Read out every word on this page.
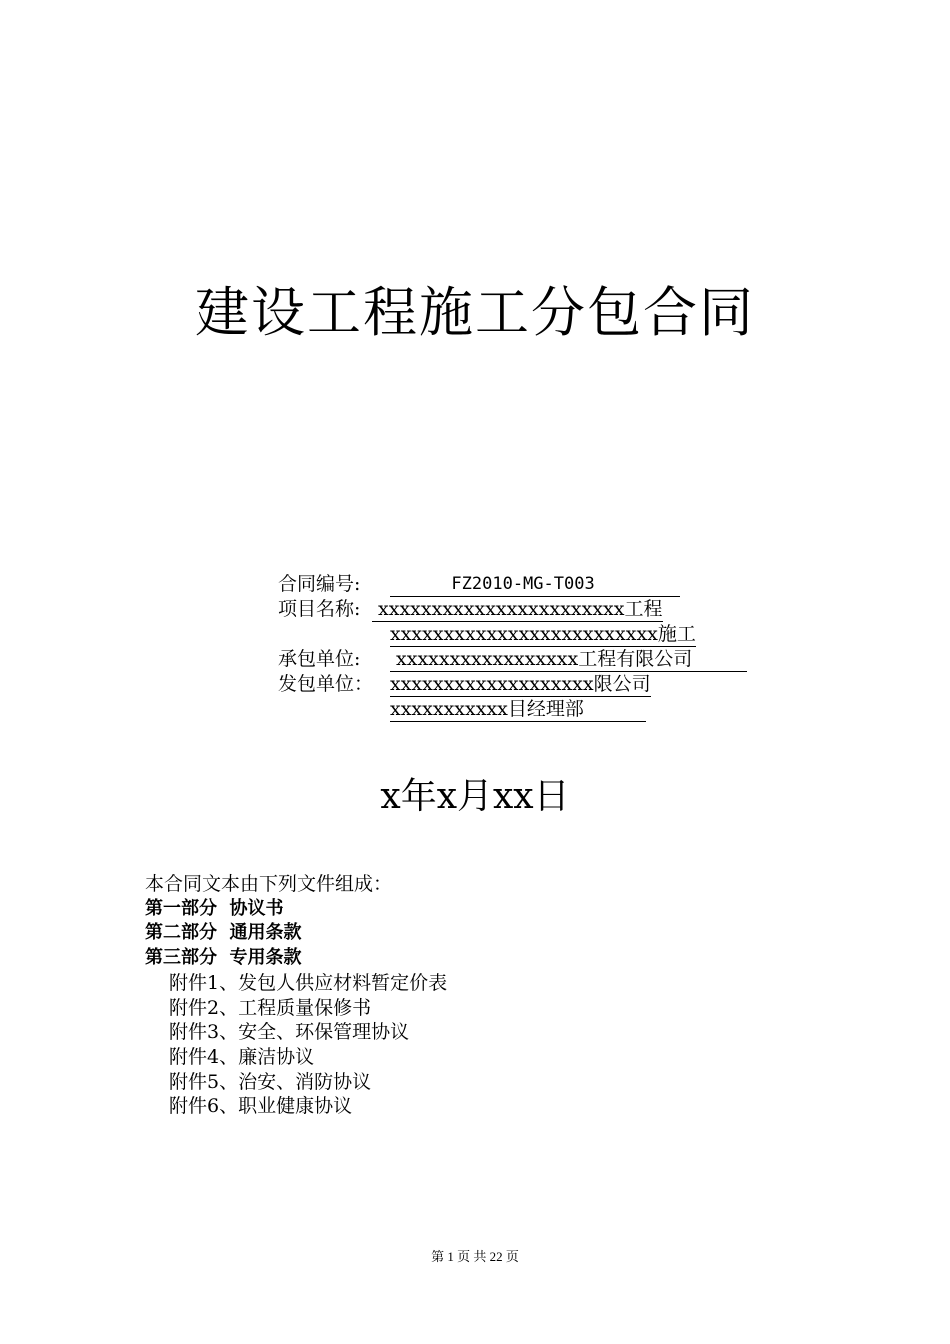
建设工程施工分包合同
合同编号: FZ2010-MG-T003
项目名称: xxxxxxxxxxxxxxxxxxxxxxx工程
xxxxxxxxxxxxxxxxxxxxxxxxx施工
承包单位: xxxxxxxxxxxxxxxxx工程有限公司
发包单位： xxxxxxxxxxxxxxxxxxx限公司
xxxxxxxxxxx目经理部
x年x月xx日
本合同文本由下列文件组成：
第一部分  协议书
第二部分  通用条款
第三部分  专用条款
附件1、发包人供应材料暂定价表
附件2、工程质量保修书
附件3、安全、环保管理协议
附件4、廉洁协议
附件5、治安、消防协议
附件6、职业健康协议
第 1 页 共 22 页
